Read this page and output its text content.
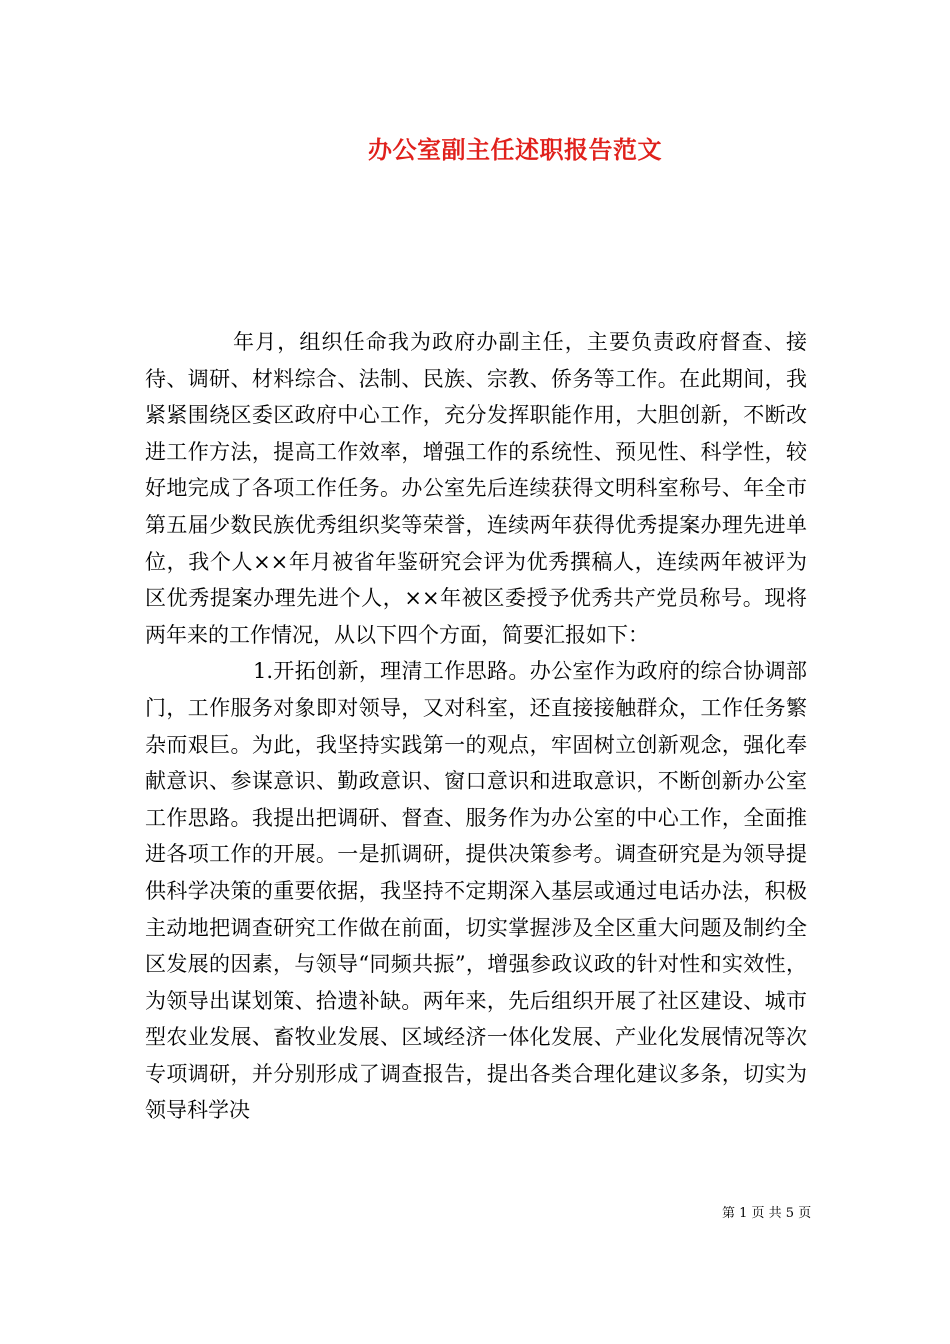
办公室副主任述职报告范文

年月，组织任命我为政府办副主任，主要负责政府督查、接待、调研、材料综合、法制、民族、宗教、侨务等工作。在此期间，我紧紧围绕区委区政府中心工作，充分发挥职能作用，大胆创新，不断改进工作方法，提高工作效率，增强工作的系统性、预见性、科学性，较好地完成了各项工作任务。办公室先后连续获得文明科室称号、年全市第五届少数民族优秀组织奖等荣誉，连续两年获得优秀提案办理先进单位，我个人××年月被省年鉴研究会评为优秀撰稿人，连续两年被评为区优秀提案办理先进个人，××年被区委授予优秀共产党员称号。现将两年来的工作情况，从以下四个方面，简要汇报如下：

1.开拓创新，理清工作思路。办公室作为政府的综合协调部门，工作服务对象即对领导，又对科室，还直接接触群众，工作任务繁杂而艰巨。为此，我坚持实践第一的观点，牢固树立创新观念，强化奉献意识、参谋意识、勤政意识、窗口意识和进取意识，不断创新办公室工作思路。我提出把调研、督查、服务作为办公室的中心工作，全面推进各项工作的开展。一是抓调研，提供决策参考。调查研究是为领导提供科学决策的重要依据，我坚持不定期深入基层或通过电话办法，积极主动地把调查研究工作做在前面，切实掌握涉及全区重大问题及制约全区发展的因素，与领导“同频共振”，增强参政议政的针对性和实效性，为领导出谋划策、拾遗补缺。两年来，先后组织开展了社区建设、城市型农业发展、畜牧业发展、区域经济一体化发展、产业化发展情况等次专项调研，并分别形成了调查报告，提出各类合理化建议多条，切实为领导科学决

第 1 页 共 5 页
